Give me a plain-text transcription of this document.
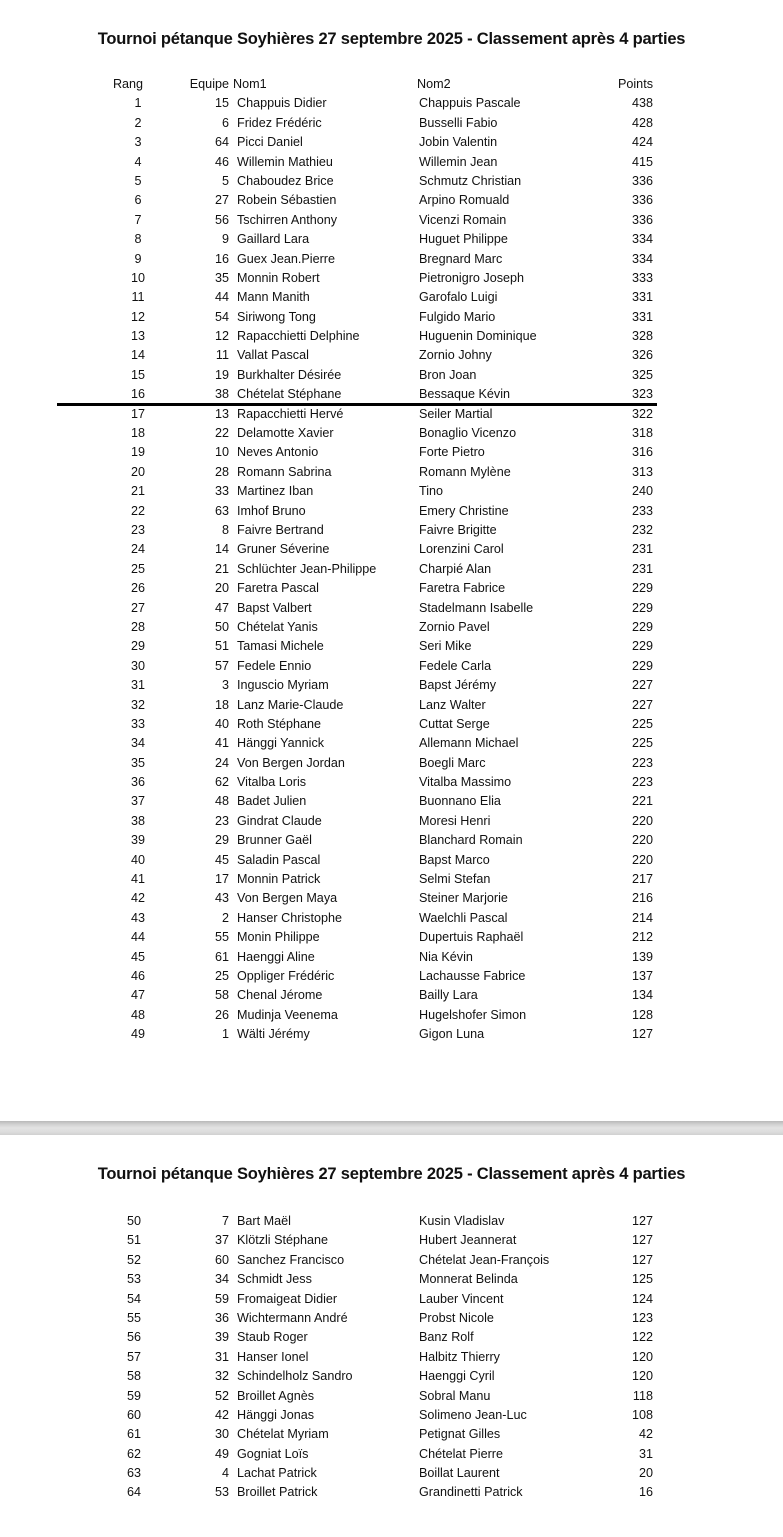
Tournoi pétanque Soyhières 27 septembre 2025 - Classement après 4 parties
Rang	Equipe Nom1	Nom2	Points
1	15 Chappuis Didier	Chappuis Pascale	438
2	6 Fridez Frédéric	Busselli Fabio	428
3	64 Picci Daniel	Jobin Valentin	424
4	46 Willemin Mathieu	Willemin Jean	415
5	5 Chaboudez Brice	Schmutz Christian	336
6	27 Robein Sébastien	Arpino Romuald	336
7	56 Tschirren Anthony	Vicenzi Romain	336
8	9 Gaillard Lara	Huguet Philippe	334
9	16 Guex Jean.Pierre	Bregnard Marc	334
10	35 Monnin Robert	Pietronigro Joseph	333
11	44 Mann Manith	Garofalo Luigi	331
12	54 Siriwong Tong	Fulgido Mario	331
13	12 Rapacchietti Delphine	Huguenin Dominique	328
14	11 Vallat Pascal	Zornio Johny	326
15	19 Burkhalter Désirée	Bron Joan	325
16	38 Chételat Stéphane	Bessaque Kévin	323
17	13 Rapacchietti Hervé	Seiler Martial	322
18	22 Delamotte Xavier	Bonaglio Vicenzo	318
19	10 Neves Antonio	Forte Pietro	316
20	28 Romann Sabrina	Romann Mylène	313
21	33 Martinez Iban	Tino	240
22	63 Imhof Bruno	Emery Christine	233
23	8 Faivre Bertrand	Faivre Brigitte	232
24	14 Gruner Séverine	Lorenzini Carol	231
25	21 Schlüchter Jean-Philippe	Charpié Alan	231
26	20 Faretra Pascal	Faretra Fabrice	229
27	47 Bapst Valbert	Stadelmann Isabelle	229
28	50 Chételat Yanis	Zornio Pavel	229
29	51 Tamasi Michele	Seri Mike	229
30	57 Fedele Ennio	Fedele Carla	229
31	3 Inguscio Myriam	Bapst Jérémy	227
32	18 Lanz Marie-Claude	Lanz Walter	227
33	40 Roth Stéphane	Cuttat Serge	225
34	41 Hänggi Yannick	Allemann Michael	225
35	24 Von Bergen Jordan	Boegli Marc	223
36	62 Vitalba Loris	Vitalba Massimo	223
37	48 Badet Julien	Buonnano Elia	221
38	23 Gindrat Claude	Moresi Henri	220
39	29 Brunner Gaël	Blanchard Romain	220
40	45 Saladin Pascal	Bapst Marco	220
41	17 Monnin Patrick	Selmi Stefan	217
42	43 Von Bergen Maya	Steiner Marjorie	216
43	2 Hanser Christophe	Waelchli Pascal	214
44	55 Monin Philippe	Dupertuis Raphaël	212
45	61 Haenggi Aline	Nia Kévin	139
46	25 Oppliger Frédéric	Lachausse Fabrice	137
47	58 Chenal Jérome	Bailly Lara	134
48	26 Mudinja Veenema	Hugelshofer Simon	128
49	1 Wälti Jérémy	Gigon Luna	127
Tournoi pétanque Soyhières 27 septembre 2025 - Classement après 4 parties
50	7 Bart Maël	Kusin Vladislav	127
51	37 Klötzli Stéphane	Hubert Jeannerat	127
52	60 Sanchez Francisco	Chételat Jean-François	127
53	34 Schmidt Jess	Monnerat Belinda	125
54	59 Fromaigeat Didier	Lauber Vincent	124
55	36 Wichtermann André	Probst Nicole	123
56	39 Staub Roger	Banz Rolf	122
57	31 Hanser Ionel	Halbitz Thierry	120
58	32 Schindelholz Sandro	Haenggi Cyril	120
59	52 Broillet Agnès	Sobral Manu	118
60	42 Hänggi Jonas	Solimeno Jean-Luc	108
61	30 Chételat Myriam	Petignat Gilles	42
62	49 Gogniat Loïs	Chételat Pierre	31
63	4 Lachat Patrick	Boillat Laurent	20
64	53 Broillet Patrick	Grandinetti Patrick	16
